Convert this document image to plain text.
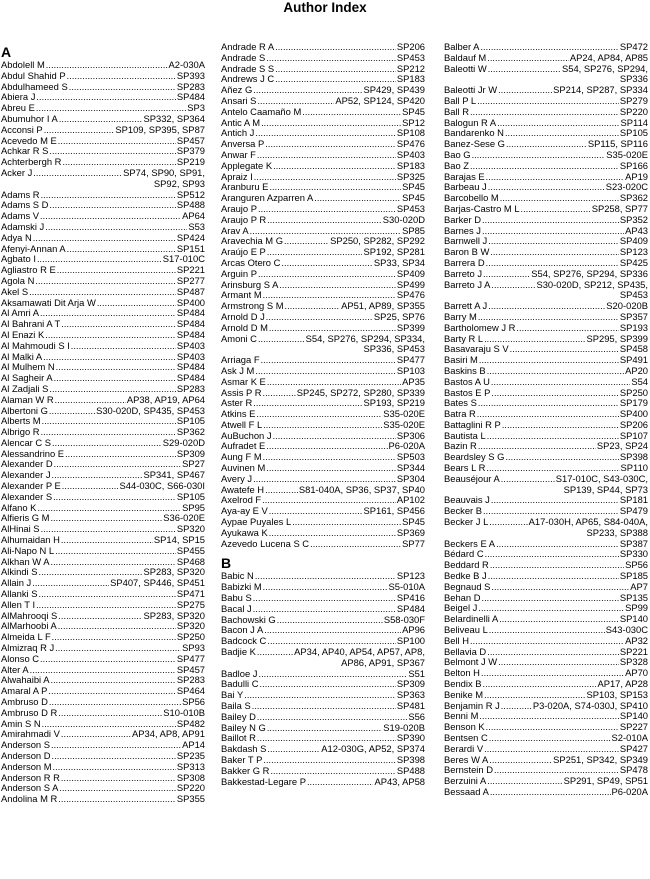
Author Index
A
Abdolell M . . .	A2-030A
Abdul Shahid P . . .	SP393
Abdulhameed S . . .	SP283
Abiera J . . .	SP484
Abreu E . . .	SP3
Abumuhor I A . . .	SP332, SP364
Acconsi P . . .	SP109, SP395, SP87
Acevedo M E . . .	SP457
Achkar R S . . .	SP379
Achterbergh R . . .	SP219
Acker J . . .	SP74, SP90, SP91,
SP92, SP93
Adams R . . .	SP512
Adams S D . . .	SP488
Adams V . . .	AP64
Adamski J . . .	S53
Adya N . . .	SP424
Afenyi-Annan A . . .	SP151
Agbato I . . .	S17-010C
Agliastro R E . . .	SP221
Agola N . . .	SP277
Akel S . . .	SP487
Aksamawati Dit Arja W . . .	SP400
Al Amri A . . .	SP484
Al Bahrani A T . . .	SP484
Al Enazi K . . .	SP484
Al Mahmoudi S I . . .	SP403
Al Malki A . . .	SP403
Al Mulhem N . . .	SP484
Al Sagheir A . . .	SP484
Al Zadjali S . . .	SP283
Alaman W R . . .	AP38, AP19, AP64
Albertoni G . . .	S30-020D, SP435, SP453
Alberts M . . .	SP105
Albrigo R . . .	SP362
Alencar C S . . .	S29-020D
Alessandrino E . . .	SP309
Alexander D . . .	SP27
Alexander J . . .	SP341, SP467
Alexander P E . . .	S44-030C, S66-030I
Alexander S . . .	SP105
Alfano K . . .	SP95
Alfieris G M . . .	S36-020E
AlHinai S . . .	SP320
Alhumaidan H . . .	SP14, SP15
Ali-Napo N L . . .	SP455
Alkhan W A . . .	SP468
Alkindi S . . .	SP283, SP320
Allain J . . .	SP407, SP446, SP451
Allanki S . . .	SP471
Allen T I . . .	SP275
AlMahrooqi S . . .	SP283, SP320
AlMarhoobi A . . .	SP320
Almeida L F . . .	SP250
Almizraq R J . . .	SP93
Alonso C . . .	SP477
Alter A . . .	SP457
Alwahaibi A . . .	SP283
Amaral A P . . .	SP464
Ambruso D . . .	SP56
Ambruso D R . . .	S10-010B
Amin S N . . .	SP482
Amirahmadi V . . .	AP34, AP8, AP91
Anderson S . . .	AP14
Anderson D . . .	SP235
Anderson M . . .	SP313
Anderson R R . . .	SP308
Anderson S A . . .	SP220
Andolina M R . . .	SP355
Andrade R A . . .	SP206
Andrade S . . .	SP453
Andrade S S . . .	SP212
Andrews J C . . .	SP183
Añez G . . .	SP429, SP439
Ansari S . . .	AP52, SP124, SP420
Antelo Caamaño M . . .	SP45
Antic A M . . .	SP12
Antich J . . .	SP108
Anversa P . . .	SP476
Anwar F . . .	SP403
Applegate K . . .	SP183
Apraiz I . . .	SP325
Aranburu E . . .	SP45
Aranguren Azparren A . . .	SP45
Araujo P . . .	SP453
Araujo P R . . .	S30-020D
Arav A . . .	SP85
Aravechia M G . . .	SP250, SP282, SP292
Araújo E P . . .	SP192, SP281
Arcas Otero C . . .	SP33, SP34
Arguin P . . .	SP409
Arinsburg S A . . .	SP499
Armant M . . .	SP476
Armstrong S M . . .	AP51, AP89, SP355
Arnold D J . . .	SP25, SP76
Arnold D M . . .	SP399
Amoni C . . .	S54, SP276, SP294, SP334,
SP336, SP453
Arriaga F . . .	SP477
Ask J M . . .	SP103
Asmar K E . . .	AP35
Assis P R . . .	SP245, SP272, SP280, SP339
Aster R . . .	SP193, SP219
Atkins E . . .	S35-020E
Atwell F L . . .	S35-020E
AuBuchon J . . .	SP306
Aufradet E . . .	P6-020A
Aung F M . . .	SP503
Auvinen M . . .	SP344
Avery J . . .	SP304
Awatefe H . . .	S81-040A, SP36, SP37, SP40
Axelrod F . . .	AP102
Aya-ay E V . . .	SP161, SP456
Aypae Puyales L . . .	SP45
Ayukawa K . . .	SP369
Azevedo Lucena S C . . .	SP77
B
Babic N . . .	SP123
Babizki M . . .	S5-010A
Babu S . . .	SP416
Bacal J . . .	SP484
Bachowski G . . .	S58-030F
Bacon J A . . .	AP96
Badcock C . . .	SP100
Badjie K . . .	AP34, AP40, AP54, AP57, AP8,
AP86, AP91, SP367
Badloe J . . .	S51
Badulli C . . .	SP309
Bai Y . . .	SP363
Baila S . . .	SP481
Bailey D . . .	S56
Bailey N G . . .	S19-020B
Baillot R . . .	SP390
Bakdash S . . .	A12-030G, AP52, SP374
Baker T P . . .	SP398
Bakker G R . . .	SP488
Bakkestad-Legare P . . .	AP43, AP58
Balber A . . .	SP472
Baldauf M . . .	AP24, AP84, AP85
Baleotti W . . .	S54, SP276, SP294,
SP336
Baleotti Jr W . . .	SP214, SP287, SP334
Ball P L . . .	SP279
Ball R . . .	SP220
Balogun R A . . .	SP114
Bandarenko N . . .	SP105
Banez-Sese G . . .	SP115, SP116
Bao G . . .	S35-020E
Bao Z . . .	SP166
Barajas E . . .	AP19
Barbeau J . . .	S23-020C
Barcobello M . . .	SP362
Barjas-Castro M L . . .	SP258, SP77
Barker D . . .	SP352
Barnes J . . .	AP43
Barnwell J . . .	SP409
Baron B W . . .	SP123
Barrera D . . .	SP425
Barreto J . . .	S54, SP276, SP294, SP336
Barreto J A . . .	S30-020D, SP212, SP435,
SP453
Barrett A J . . .	S20-020B
Barry M . . .	SP357
Bartholomew J R . . .	SP193
Barty R L . . .	SP295, SP399
Basavaraju S V . . .	SP458
Basiri M . . .	SP491
Baskins B . . .	AP20
Bastos A U . . .	S54
Bastos E P . . .	SP250
Bates S . . .	SP179
Batra R . . .	SP400
Battaglini R P . . .	SP206
Bautista L . . .	SP107
Bazin R . . .	SP23, SP24
Beardsley S G . . .	SP398
Bears L R . . .	SP110
Beauséjour A . . .	S17-010C, S43-030C,
SP139, SP44, SP73
Beauvais J . . .	SP181
Becker B . . .	SP479
Becker J L . . .	A17-030H, AP65, S84-040A,
SP233, SP388
Beckers E A . . .	SP387
Bédard C . . .	SP330
Beddard R . . .	SP56
Bedke B J . . .	SP185
Begnaud S . . .	AP7
Behan D . . .	SP135
Beigel J . . .	SP99
Belardinelli A . . .	SP140
Beliveau L . . .	S43-030C
Bell H . . .	AP32
Bellavia D . . .	SP221
Belmont J W . . .	SP328
Belton H . . .	AP70
Bendix B . . .	AP17, AP28
Benike M . . .	SP103, SP153
Benjamin R J . . .	P3-020A, S74-030J, SP410
Benni M . . .	SP140
Benson K . . .	SP227
Bentsen C . . .	S2-010A
Berardi V . . .	SP427
Beres W A . . .	SP251, SP342, SP349
Bernstein D . . .	SP478
Berzuini A . . .	SP291, SP49, SP51
Bessaad A . . .	P6-020A
